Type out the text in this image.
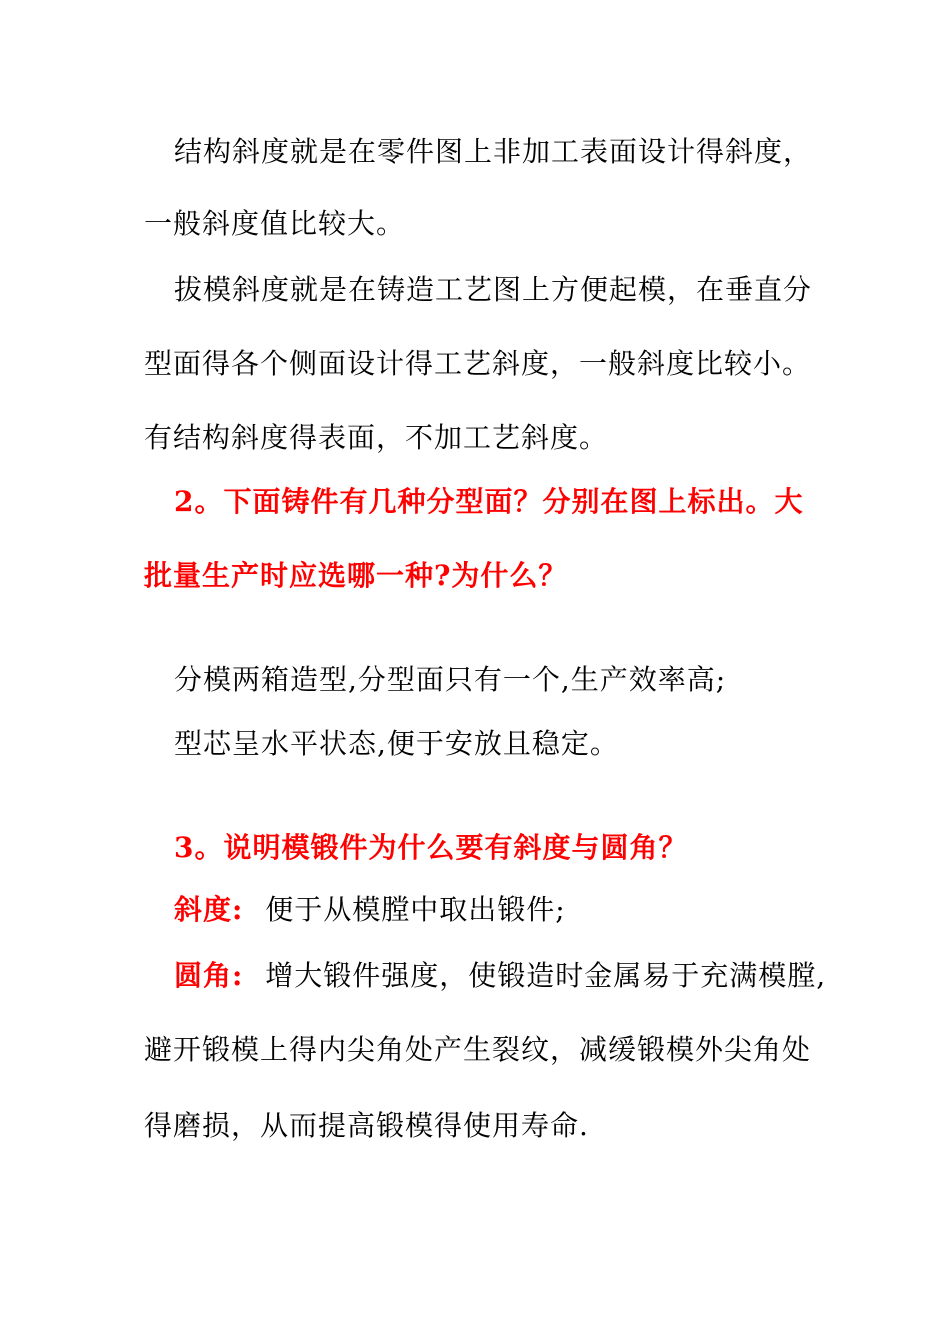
结构斜度就是在零件图上非加工表面设计得斜度，
一般斜度值比较大。
拔模斜度就是在铸造工艺图上方便起模，在垂直分
型面得各个侧面设计得工艺斜度，一般斜度比较小。
有结构斜度得表面，不加工艺斜度。
2。下面铸件有几种分型面？分别在图上标出。大
批量生产时应选哪一种?为什么？
分模两箱造型,分型面只有一个,生产效率高;
型芯呈水平状态,便于安放且稳定。
3。说明模锻件为什么要有斜度与圆角？
斜度: 便于从模膛中取出锻件;
圆角: 增大锻件强度，使锻造时金属易于充满模膛,
避开锻模上得内尖角处产生裂纹，减缓锻模外尖角处
得磨损，从而提高锻模得使用寿命.
